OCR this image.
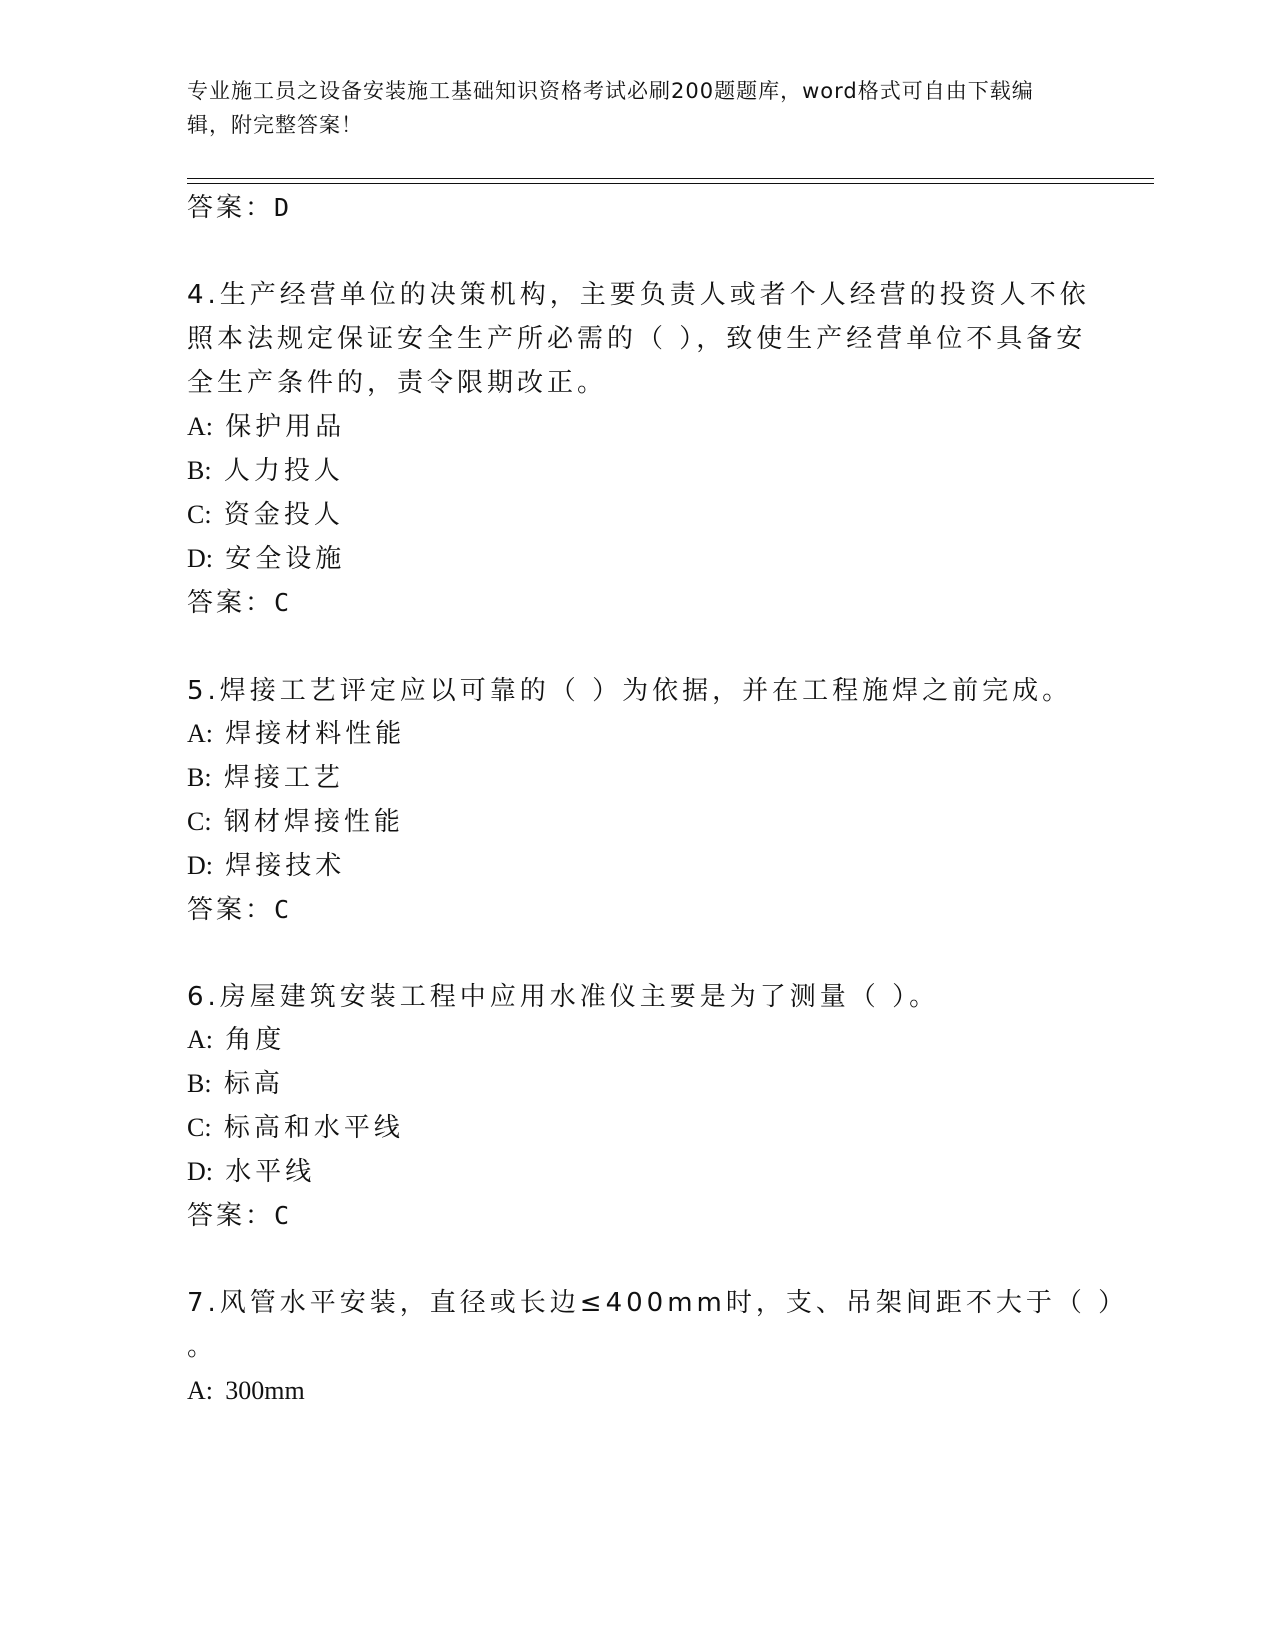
专业施工员之设备安装施工基础知识资格考试必刷200题题库，word格式可自由下载编辑，附完整答案！
答案：D
4.生产经营单位的决策机构，主要负责人或者个人经营的投资人不依
照本法规定保证安全生产所必需的（ ），致使生产经营单位不具备安
全生产条件的，责令限期改正。
A: 保护用品
B: 人力投人
C: 资金投人
D: 安全设施
答案：C
5.焊接工艺评定应以可靠的（ ）为依据，并在工程施焊之前完成。
A: 焊接材料性能
B: 焊接工艺
C: 钢材焊接性能
D: 焊接技术
答案：C
6.房屋建筑安装工程中应用水准仪主要是为了测量（ ）。
A: 角度
B: 标高
C: 标高和水平线
D: 水平线
答案：C
7.风管水平安装，直径或长边≤400mm时，支、吊架间距不大于（ ）
。
A: 300mm
